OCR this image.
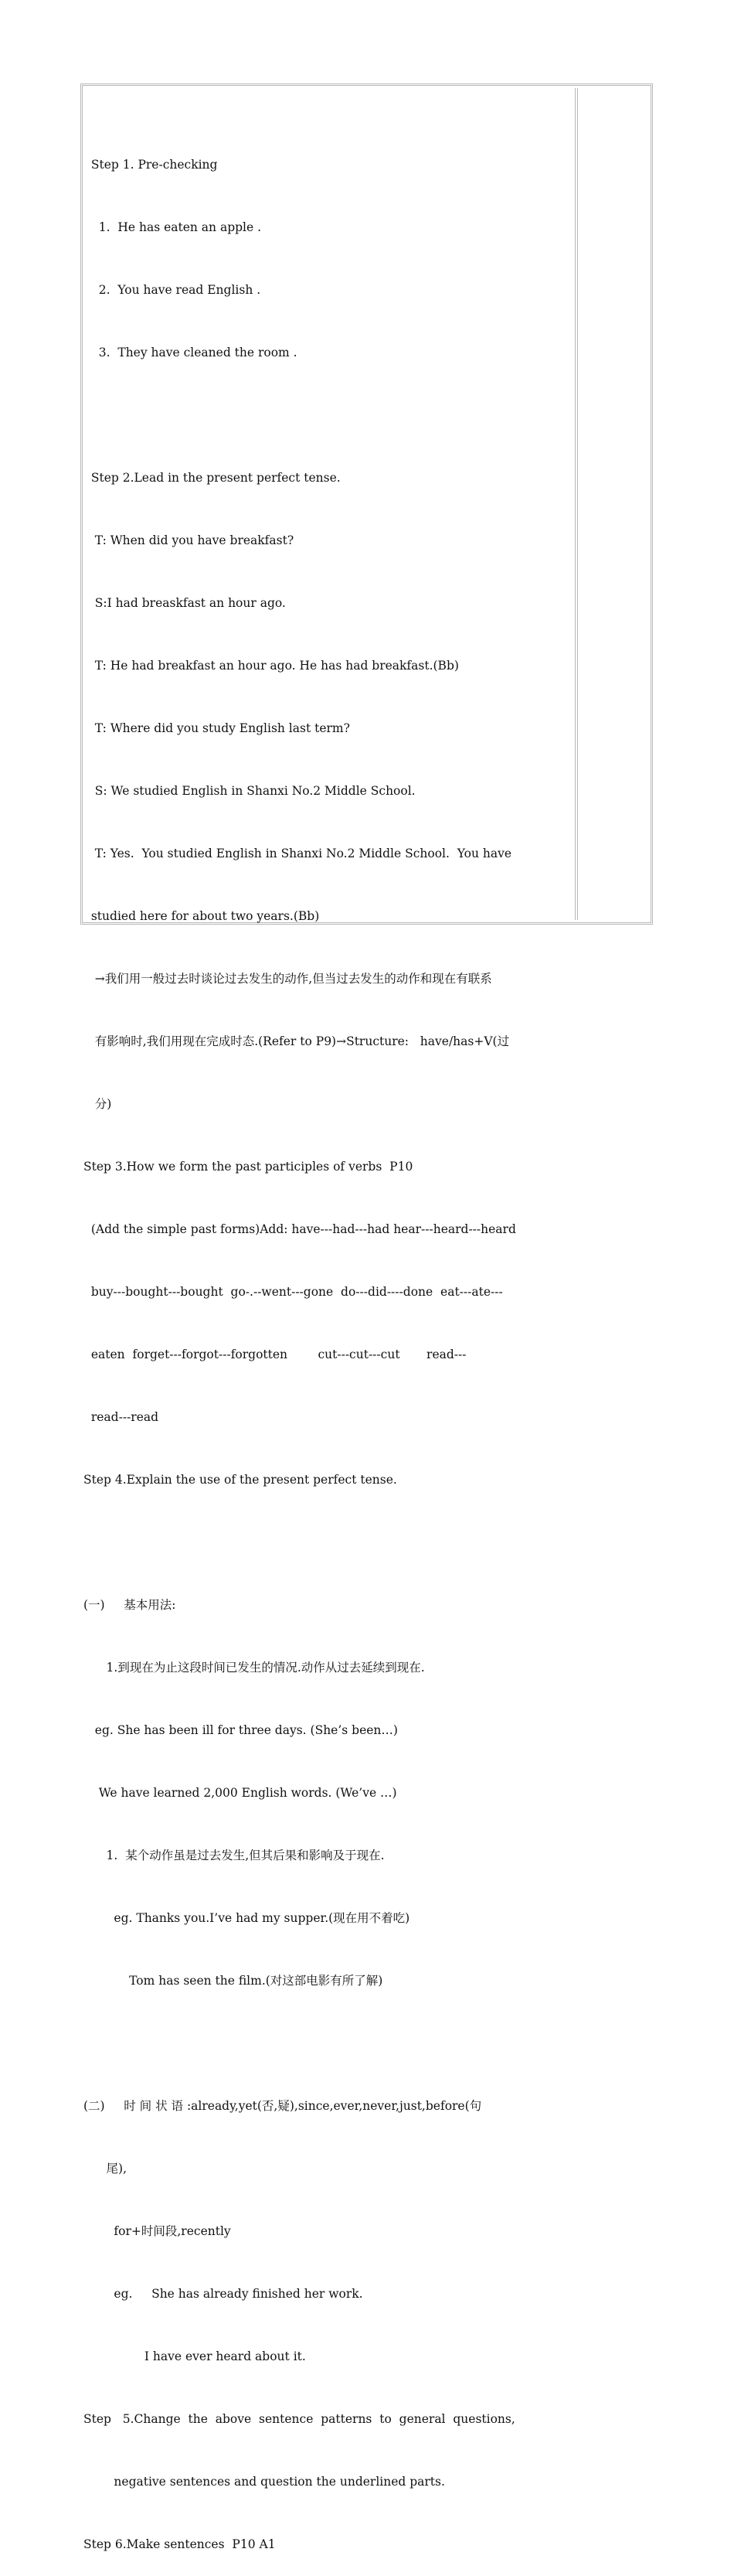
Step 1. Pre-checking

1.  He has eaten an apple .

2.  You have read English .

3.  They have cleaned the room .

Step 2.Lead in the present perfect tense.

T: When did you have breakfast?

S:I had breaskfast an hour ago.

T: He had breakfast an hour ago. He has had breakfast.(Bb)

T: Where did you study English last term?

S: We studied English in Shanxi No.2 Middle School.

T: Yes.  You studied English in Shanxi No.2 Middle School.  You have

studied here for about two years.(Bb)

→我们用一般过去时谈论过去发生的动作,但当过去发生的动作和现在有联系

有影响时,我们用现在完成时态.(Refer to P9)→Structure:   have/has+V(过

分)

Step 3.How we form the past participles of verbs  P10

(Add the simple past forms)Add: have---had---had hear---heard---heard

buy---bought---bought  go-.--went---gone  do---did----done  eat---ate---

eaten  forget---forgot---forgotten        cut---cut---cut       read---

read---read

Step 4.Explain the use of the present perfect tense.

(一)     基本用法:

1.到现在为止这段时间已发生的情况.动作从过去延续到现在.

eg. She has been ill for three days. (She’s been…)

We have learned 2,000 English words. (We’ve …)

1.  某个动作虽是过去发生,但其后果和影响及于现在.

eg. Thanks you.I’ve had my supper.(现在用不着吃)

Tom has seen the film.(对这部电影有所了解)

(二)     时 间 状 语 :already,yet(否,疑),since,ever,never,just,before(句

尾),

for+时间段,recently

eg.     She has already finished her work.

I have ever heard about it.

Step   5.Change  the  above  sentence  patterns  to  general  questions,

negative sentences and question the underlined parts.

Step 6.Make sentences  P10 A1
